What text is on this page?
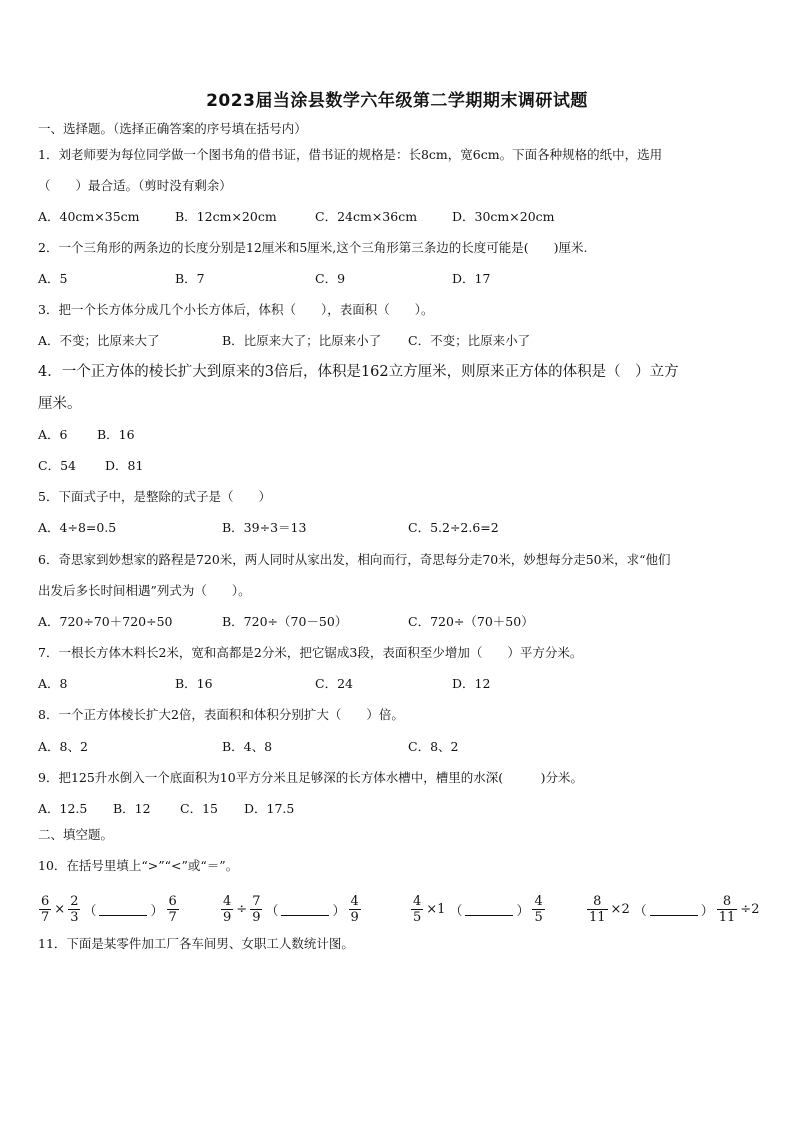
2023届当涂县数学六年级第二学期期末调研试题
一、选择题。（选择正确答案的序号填在括号内）
1．刘老师要为每位同学做一个图书角的借书证，借书证的规格是：长8cm，宽6cm。下面各种规格的纸中，选用
（　　）最合适。（剪时没有剩余）
A．40cm×35cm	B．12cm×20cm	C．24cm×36cm	D．30cm×20cm
2．一个三角形的两条边的长度分别是12厘米和5厘米,这个三角形第三条边的长度可能是(　　)厘米.
A．5	B．7	C．9	D．17
3．把一个长方体分成几个小长方体后，体积（　　），表面积（　　）。
A．不变；比原来大了	B．比原来大了；比原来小了 C．不变；比原来小了
4．一个正方体的棱长扩大到原来的3倍后，体积是162立方厘米，则原来正方体的体积是（　）立方
厘米。
A．6 B．16
C．54 D．81
5．下面式子中，是整除的式子是（　　）
A．4÷8=0.5	B．39÷3＝13	C．5.2÷2.6=2
6．奇思家到妙想家的路程是720米，两人同时从家出发，相向而行，奇思每分走70米，妙想每分走50米，求“他们
出发后多长时间相遇”列式为（　　）。
A．720÷70＋720÷50	B．720÷（70－50）	C．720÷（70＋50）
7．一根长方体木料长2米，宽和高都是2分米，把它锯成3段，表面积至少增加（　　）平方分米。
A．8	B．16	C．24	D．12
8．一个正方体棱长扩大2倍，表面积和体积分别扩大（　　）倍。
A．8、2	B．4、8	C．8、2
9．把125升水倒入一个底面积为10平方分米且足够深的长方体水槽中，槽里的水深(　　　)分米。
A．12.5 B．12 C．15 D．17.5
二、填空题。
10．在括号里填上“>”“<”或“＝”。
$\frac{6}{7} \times \frac{2}{3}$ （	） $\frac{6}{7}$	$\frac{4}{9} \div \frac{7}{9}$ （	） $\frac{4}{9}$	$\frac{4}{5} \times 1$ （	） $\frac{4}{5}$	$\frac{8}{11} \times 2$ （	） $\frac{8}{11} \div 2$
11．下面是某零件加工厂各车间男、女职工人数统计图。
